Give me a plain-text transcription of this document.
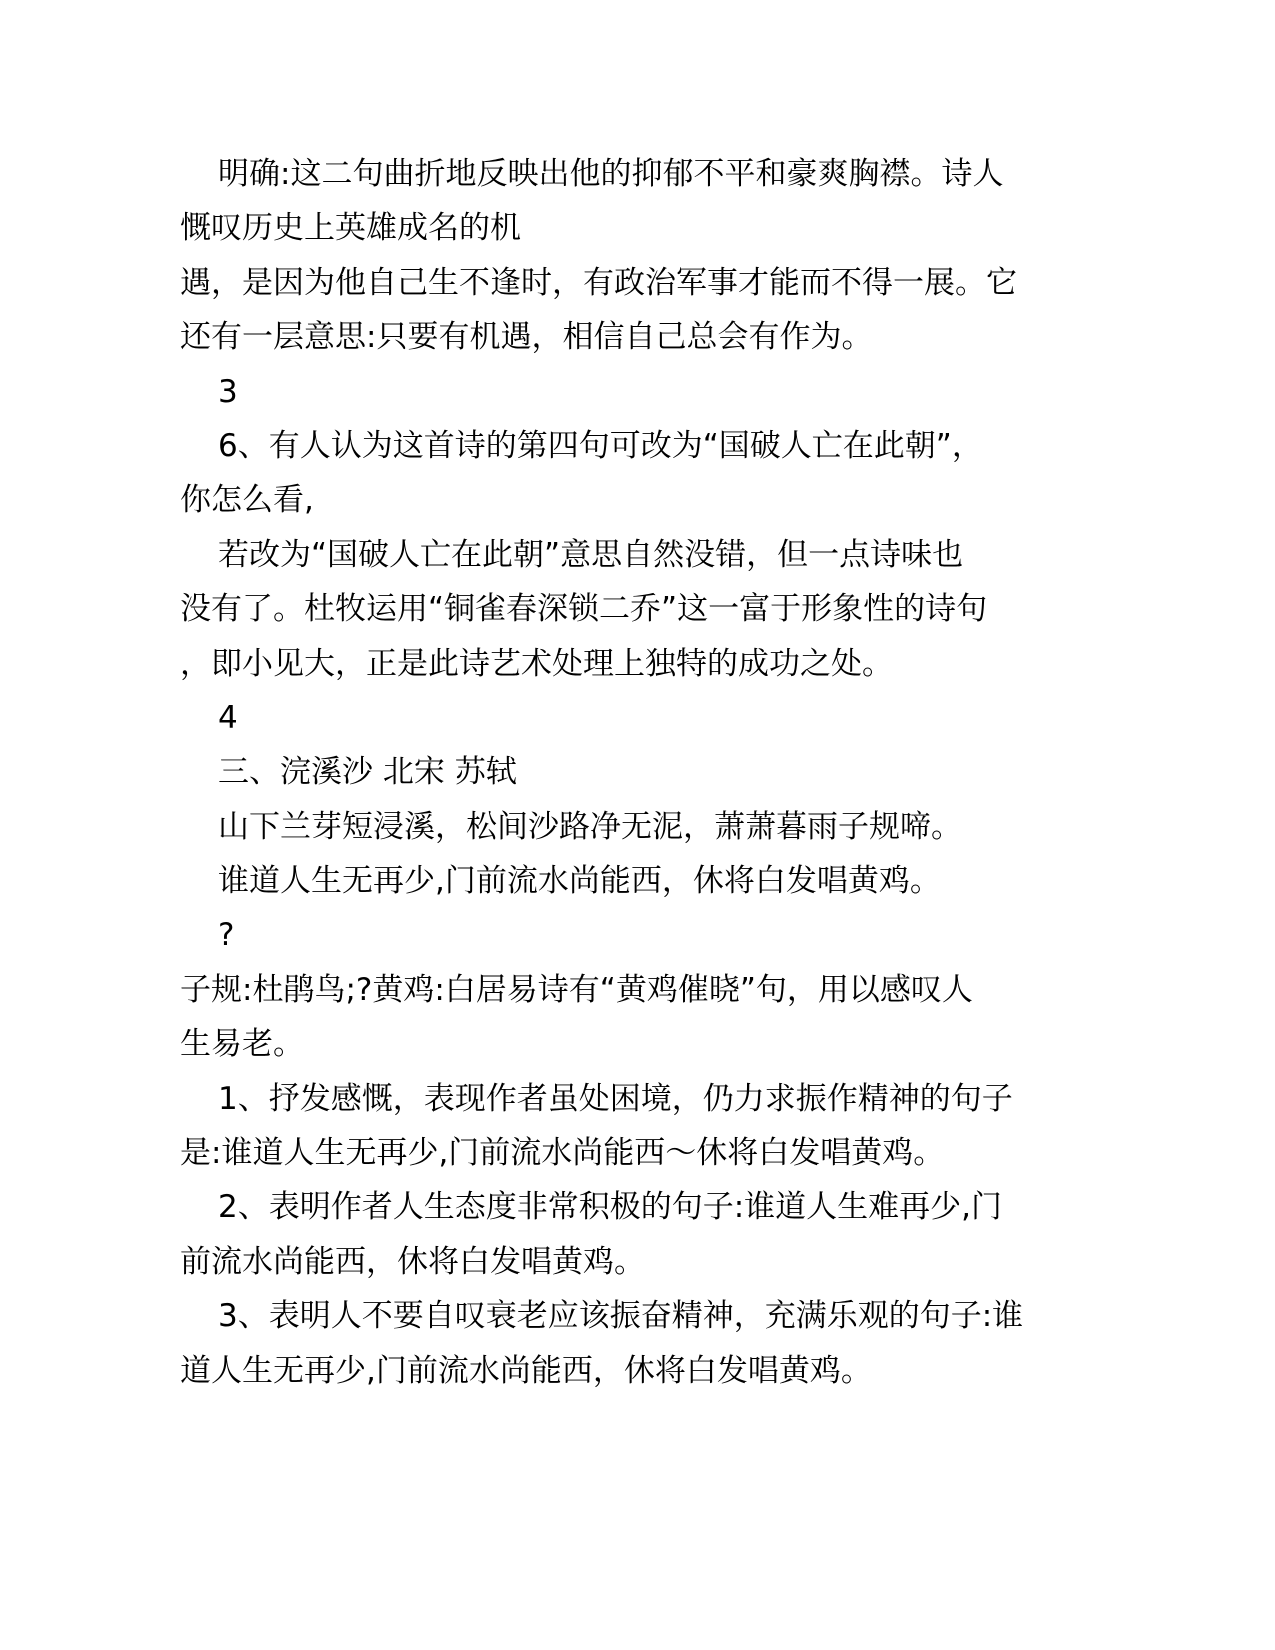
明确:这二句曲折地反映出他的抑郁不平和豪爽胸襟。诗人
慨叹历史上英雄成名的机
遇，是因为他自己生不逢时，有政治军事才能而不得一展。它
还有一层意思:只要有机遇，相信自己总会有作为。
3
6、有人认为这首诗的第四句可改为“国破人亡在此朝”，
你怎么看,
若改为“国破人亡在此朝”意思自然没错，但一点诗味也
没有了。杜牧运用“铜雀春深锁二乔”这一富于形象性的诗句
，即小见大，正是此诗艺术处理上独特的成功之处。
4
三、浣溪沙 北宋 苏轼
山下兰芽短浸溪，松间沙路净无泥，萧萧暮雨子规啼。
谁道人生无再少,门前流水尚能西，休将白发唱黄鸡。
?
子规:杜鹃鸟;?黄鸡:白居易诗有“黄鸡催晓”句，用以感叹人
生易老。
1、抒发感慨，表现作者虽处困境，仍力求振作精神的句子
是:谁道人生无再少,门前流水尚能西～休将白发唱黄鸡。
2、表明作者人生态度非常积极的句子:谁道人生难再少,门
前流水尚能西，休将白发唱黄鸡。
3、表明人不要自叹衰老应该振奋精神，充满乐观的句子:谁
道人生无再少,门前流水尚能西，休将白发唱黄鸡。
